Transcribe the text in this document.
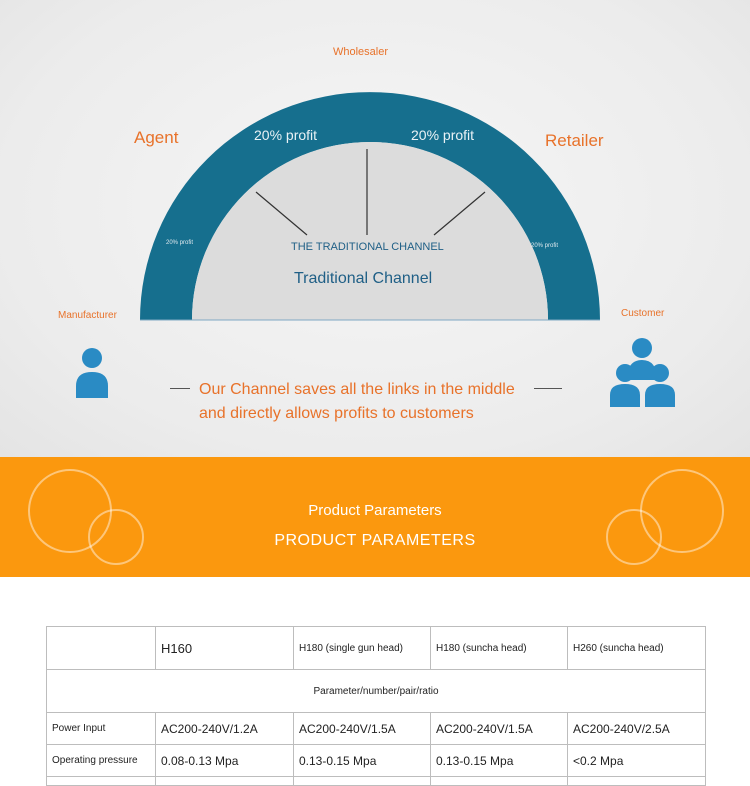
Wholesaler
Agent	Retailer
Manufacturer	Customer
20% profit	20% profit
20% profit	20% profit
THE TRADITIONAL CHANNEL
Traditional Channel
Our Channel saves all the links in the middle
and directly allows profits to customers
Product Parameters
PRODUCT PARAMETERS
	H160	H180 (single gun head)	H180 (suncha head)	H260 (suncha head)
Parameter/number/pair/ratio				
Power Input	AC200-240V/1.2A	AC200-240V/1.5A	AC200-240V/1.5A	AC200-240V/2.5A
Operating pressure	0.08-0.13 Mpa	0.13-0.15 Mpa	0.13-0.15 Mpa	<0.2 Mpa
